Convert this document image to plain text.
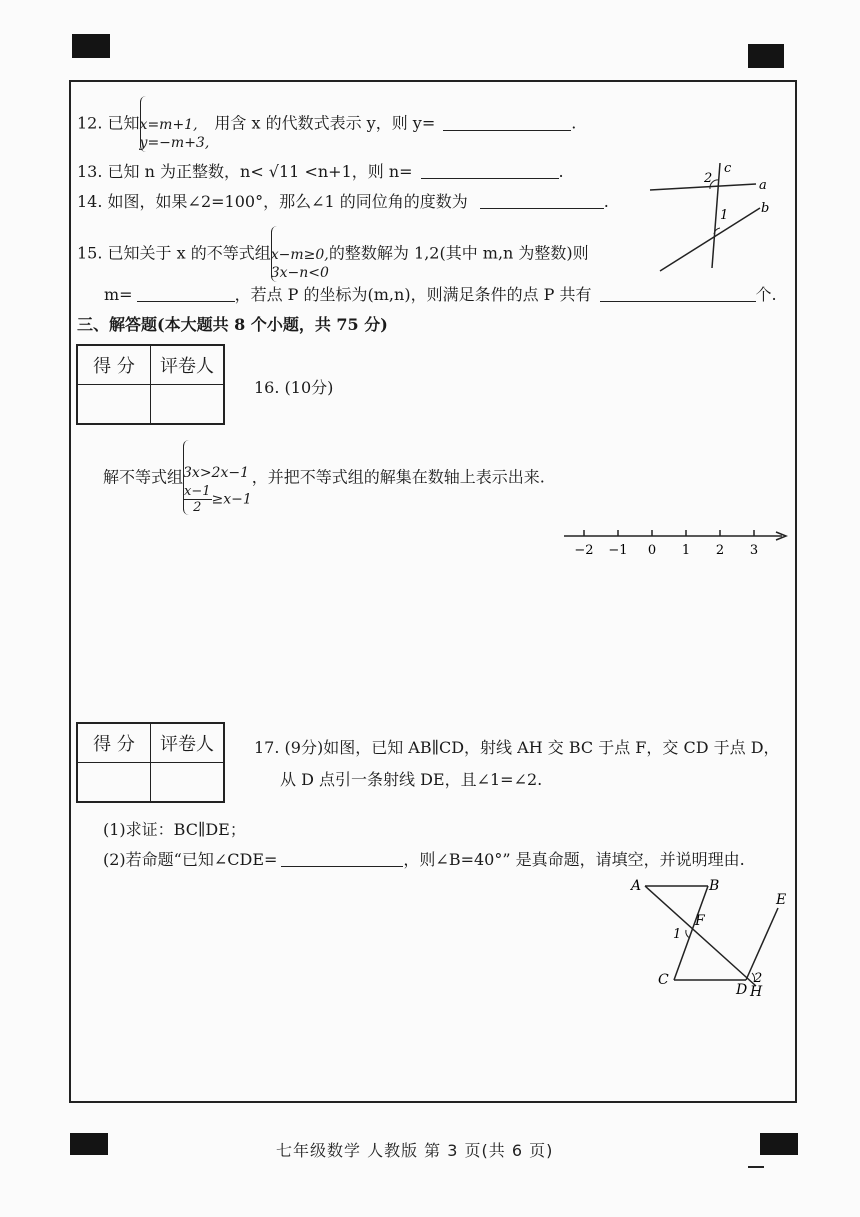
12. 已知 x=m+1,
y=−m+3,
用含 x 的代数式表示 y，则 y=	.
13. 已知 n 为正整数，n< √11 <n+1，则 n=	.
14. 如图，如果∠2=100°，那么∠1 的同位角的度数为	.
2
c
a
1	b
15. 已知关于 x 的不等式组 x−m≥0,
3x−n<0
的整数解为 1,2(其中 m,n 为整数)则
m=	，若点 P 的坐标为(m,n)，则满足条件的点 P 共有	个.
三、解答题(本大题共 8 个小题，共 75 分)
得 分	评卷人

16. (10分)
解不等式组 3x>2x−1
$\frac{x-1}{2} \ge x-1$
，并把不等式组的解集在数轴上表示出来.
−2 −1 0 1 2 3
得 分	评卷人
		17. (9分)如图，已知 AB∥CD，射线 AH 交 BC 于点 F，交 CD 于点 D，
从 D 点引一条射线 DE，且∠1=∠2.
(1)求证：BC∥DE；
(2)若命题“已知∠CDE=	，则∠B=40°” 是真命题，请填空，并说明理由.
A	B
E
F
1
C
D H
2
七年级数学 人教版 第 3 页(共 6 页)
